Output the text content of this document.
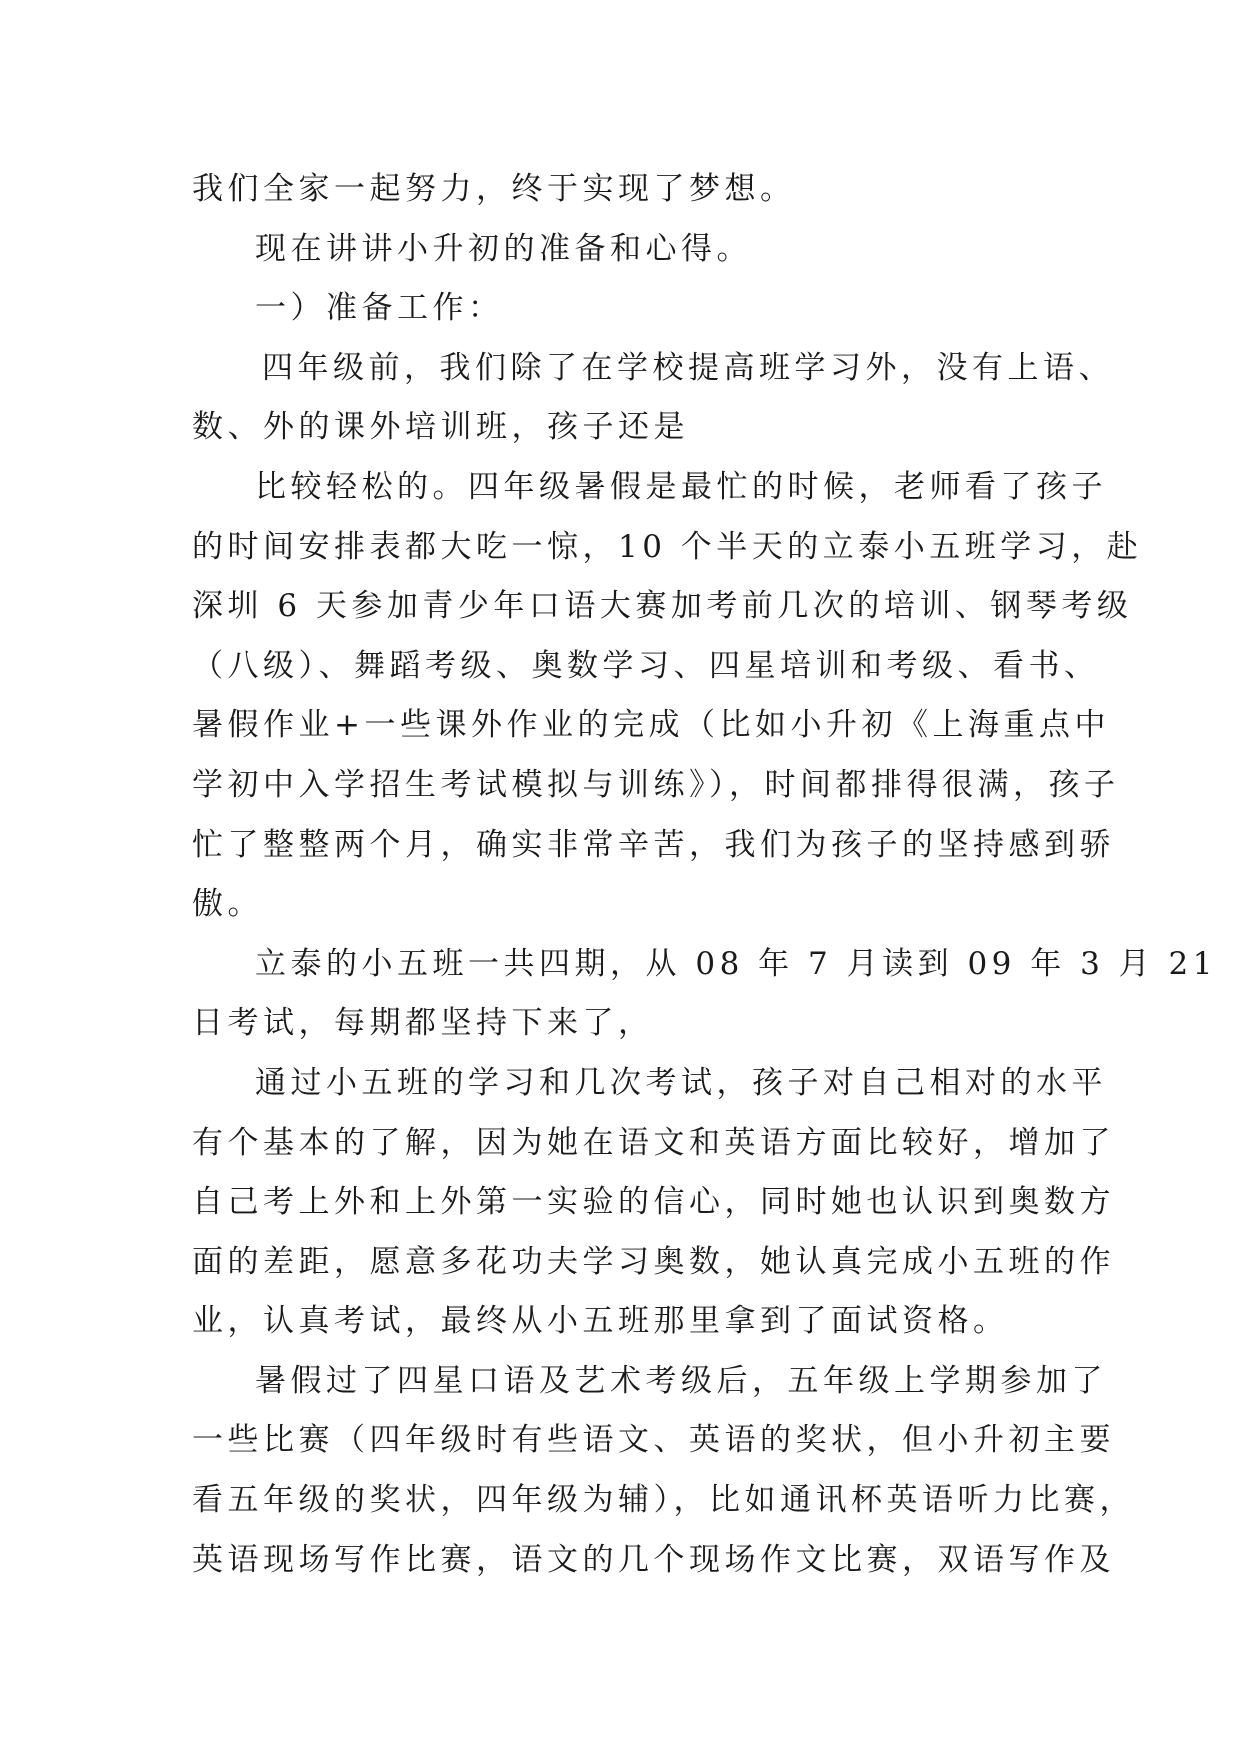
我们全家一起努力，终于实现了梦想。

现在讲讲小升初的准备和心得。

一）准备工作：

四年级前，我们除了在学校提高班学习外，没有上语、

数、外的课外培训班，孩子还是

比较轻松的。四年级暑假是最忙的时候，老师看了孩子

的时间安排表都大吃一惊，10 个半天的立泰小五班学习，赴

深圳 6 天参加青少年口语大赛加考前几次的培训、钢琴考级

（八级）、舞蹈考级、奥数学习、四星培训和考级、看书、

暑假作业+一些课外作业的完成（比如小升初《上海重点中

学初中入学招生考试模拟与训练》），时间都排得很满，孩子

忙了整整两个月，确实非常辛苦，我们为孩子的坚持感到骄

傲。

立泰的小五班一共四期，从 08 年 7 月读到 09 年 3 月 21

日考试，每期都坚持下来了，

通过小五班的学习和几次考试，孩子对自己相对的水平

有个基本的了解，因为她在语文和英语方面比较好，增加了

自己考上外和上外第一实验的信心，同时她也认识到奥数方

面的差距，愿意多花功夫学习奥数，她认真完成小五班的作

业，认真考试，最终从小五班那里拿到了面试资格。

暑假过了四星口语及艺术考级后，五年级上学期参加了

一些比赛（四年级时有些语文、英语的奖状，但小升初主要

看五年级的奖状，四年级为辅），比如通讯杯英语听力比赛，

英语现场写作比赛，语文的几个现场作文比赛，双语写作及
